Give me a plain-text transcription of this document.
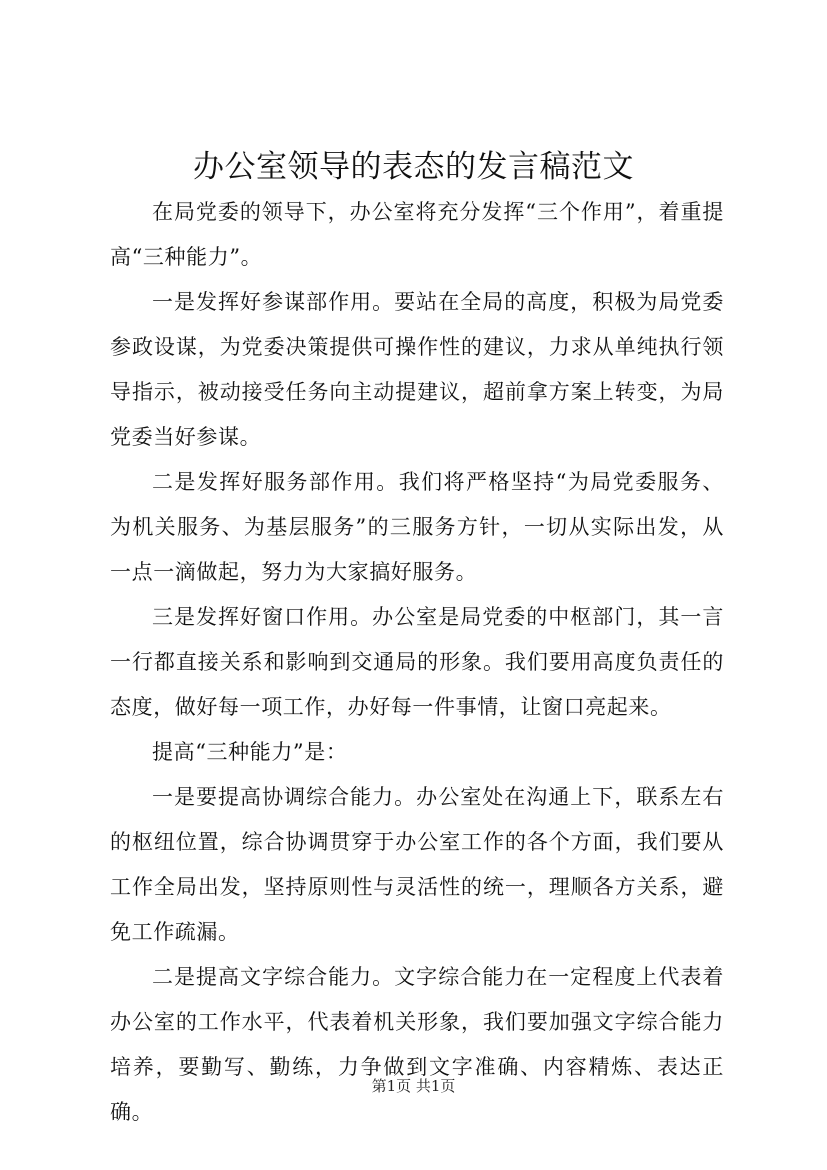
办公室领导的表态的发言稿范文

在局党委的领导下，办公室将充分发挥“三个作用”，着重提高“三种能力”。

一是发挥好参谋部作用。要站在全局的高度，积极为局党委参政设谋，为党委决策提供可操作性的建议，力求从单纯执行领导指示，被动接受任务向主动提建议，超前拿方案上转变，为局党委当好参谋。

二是发挥好服务部作用。我们将严格坚持“为局党委服务、为机关服务、为基层服务”的三服务方针，一切从实际出发，从一点一滴做起，努力为大家搞好服务。

三是发挥好窗口作用。办公室是局党委的中枢部门，其一言一行都直接关系和影响到交通局的形象。我们要用高度负责任的态度，做好每一项工作，办好每一件事情，让窗口亮起来。

提高“三种能力”是：

一是要提高协调综合能力。办公室处在沟通上下，联系左右的枢纽位置，综合协调贯穿于办公室工作的各个方面，我们要从工作全局出发，坚持原则性与灵活性的统一，理顺各方关系，避免工作疏漏。

二是提高文字综合能力。文字综合能力在一定程度上代表着办公室的工作水平，代表着机关形象，我们要加强文字综合能力培养，要勤写、勤练，力争做到文字准确、内容精炼、表达正确。

第1页 共1页
